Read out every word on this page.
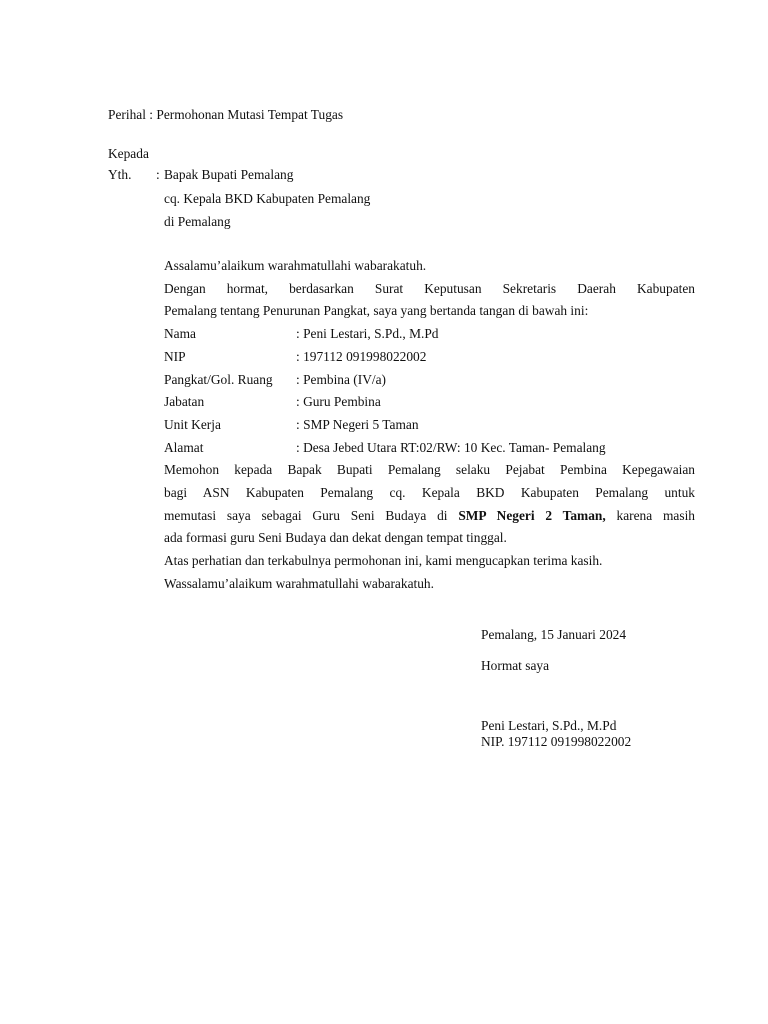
Perihal : Permohonan Mutasi Tempat Tugas
Kepada
Yth. : Bapak Bupati Pemalang
cq. Kepala BKD Kabupaten Pemalang
di Pemalang
Assalamu’alaikum warahmatullahi wabarakatuh.
Dengan hormat, berdasarkan Surat Keputusan Sekretaris Daerah Kabupaten
Pemalang tentang Penurunan Pangkat, saya yang bertanda tangan di bawah ini:
Nama	: Peni Lestari, S.Pd., M.Pd
NIP	: 197112 091998022002
Pangkat/Gol. Ruang : Pembina (IV/a)
Jabatan	: Guru Pembina
Unit Kerja	: SMP Negeri 5 Taman
Alamat	: Desa Jebed Utara RT:02/RW: 10 Kec. Taman- Pemalang
Memohon kepada Bapak Bupati Pemalang selaku Pejabat Pembina Kepegawaian
bagi ASN Kabupaten Pemalang cq. Kepala BKD Kabupaten Pemalang untuk
memutasi saya sebagai Guru Seni Budaya di SMP Negeri 2 Taman, karena masih
ada formasi guru Seni Budaya dan dekat dengan tempat tinggal.
Atas perhatian dan terkabulnya permohonan ini, kami mengucapkan terima kasih.
Wassalamu’alaikum warahmatullahi wabarakatuh.
Pemalang, 15 Januari 2024
Hormat saya
Peni Lestari, S.Pd., M.Pd
NIP. 197112 091998022002
